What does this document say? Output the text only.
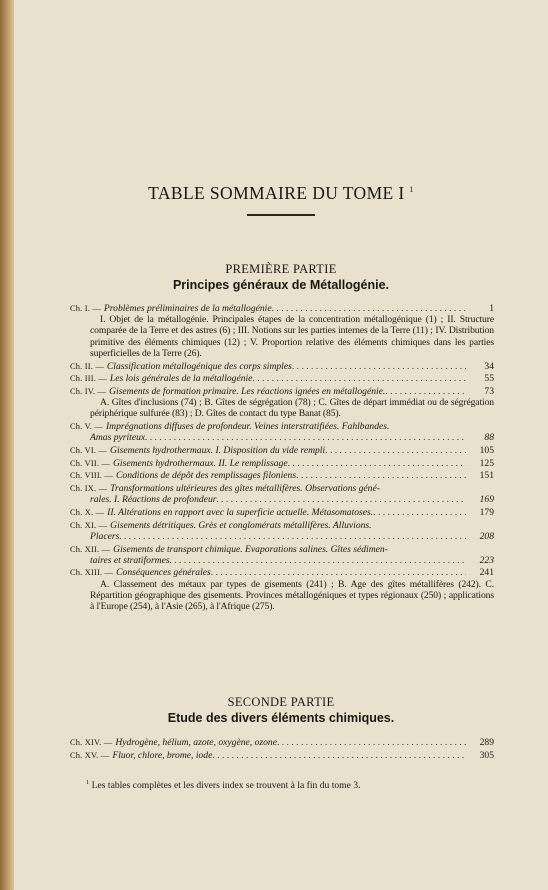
TABLE SOMMAIRE DU TOME I $^1$
PREMIÈRE PARTIE
Principes généraux de Métallogénie.
Ch. I. — Problèmes préliminaires de la métallogénie . . .	1
I. Objet de la métallogénie. Principales étapes de la concentration métallogénique (1) ; II. Structure comparée de la Terre et des astres (6) ; III. Notions sur les parties internes de la Terre (11) ; IV. Distribution primitive des éléments chimiques (12) ; V. Proportion relative des éléments chimiques dans les parties superficielles de la Terre (26).
Ch. II. — Classification métallogénique des corps simples . . .	34
Ch. III. — Les lois générales de la métallogénie . . .	55
Ch. IV. — Gisements de formation primaire. Les réactions ignées en métallogénie. . . .	73
A. Gîtes d'inclusions (74) ; B. Gîtes de ségrégation (78) ; C. Gîtes de départ immédiat ou de ségrégation périphérique sulfurée (83) ; D. Gîtes de contact du type Banat (85).
Ch. V. — Imprégnations diffuses de profondeur. Veines interstratifiées. Fahlbandes.
Amas pyriteux . . .	88
Ch. VI. — Gisements hydrothermaux. I. Disposition du vide rempli . . .	105
Ch. VII. — Gisements hydrothermaux. II. Le remplissage . . .	125
Ch. VIII. — Conditions de dépôt des remplissages filoniens . . .	151
Ch. IX. — Transformations ultérieures des gîtes métallifères. Observations géné-
rales. I. Réactions de profondeur . . .	169
Ch. X. — II. Altérations en rapport avec la superficie actuelle. Métasomatoses. . . .	179
Ch. XI. — Gisements détritiques. Grès et conglomérats métallifères. Alluvions.
Placers . . .	208
Ch. XII. — Gisements de transport chimique. Evaporations salines. Gîtes sédimen-
taires et stratiformes . . .	223
Ch. XIII. — Conséquences générales . . .	241
A. Classement des métaux par types de gisements (241) ; B. Age des gîtes métallifères (242). C. Répartition géographique des gisements. Provinces métallogéniques et types régionaux (250) ; applications à l'Europe (254), à l'Asie (265), à l'Afrique (275).
SECONDE PARTIE
Etude des divers éléments chimiques.
Ch. XIV. — Hydrogène, hélium, azote, oxygène, ozone . . .	289
Ch. XV. — Fluor, chlore, brome, iode . . .	305
$^1$ Les tables complètes et les divers index se trouvent à la fin du tome 3.
